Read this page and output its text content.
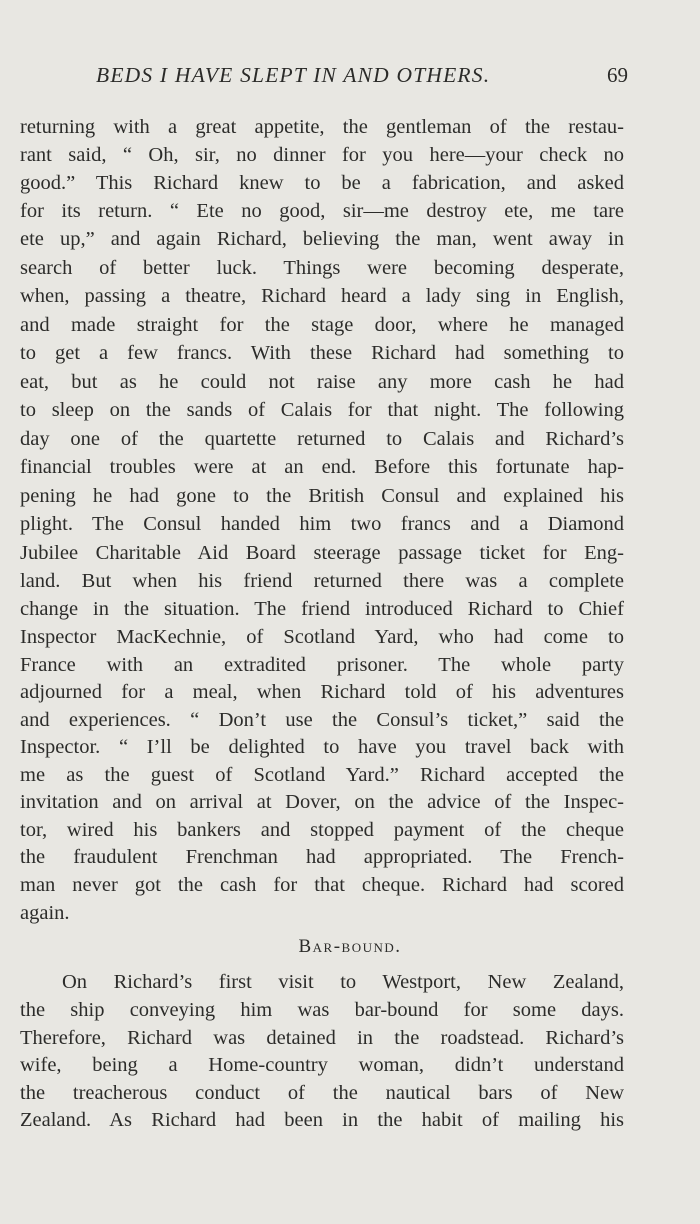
BEDS I HAVE SLEPT IN AND OTHERS.	69
returning with a great appetite, the gentleman of the restau-
rant said, “ Oh, sir, no dinner for you here—your check no
good.” This Richard knew to be a fabrication, and asked
for its return. “ Ete no good, sir—me destroy ete, me tare
ete up,” and again Richard, believing the man, went away in
search of better luck. Things were becoming desperate,
when, passing a theatre, Richard heard a lady sing in English,
and made straight for the stage door, where he managed
to get a few francs. With these Richard had something to
eat, but as he could not raise any more cash he had
to sleep on the sands of Calais for that night. The following
day one of the quartette returned to Calais and Richard’s
financial troubles were at an end. Before this fortunate hap-
pening he had gone to the British Consul and explained his
plight. The Consul handed him two francs and a Diamond
Jubilee Charitable Aid Board steerage passage ticket for Eng-
land. But when his friend returned there was a complete
change in the situation. The friend introduced Richard to Chief
Inspector MacKechnie, of Scotland Yard, who had come to
France with an extradited prisoner. The whole party
adjourned for a meal, when Richard told of his adventures
and experiences. “ Don’t use the Consul’s ticket,” said the
Inspector. “ I’ll be delighted to have you travel back with
me as the guest of Scotland Yard.” Richard accepted the
invitation and on arrival at Dover, on the advice of the Inspec-
tor, wired his bankers and stopped payment of the cheque
the fraudulent Frenchman had appropriated. The French-
man never got the cash for that cheque. Richard had scored
again.
Bar-bound.
On Richard’s first visit to Westport, New Zealand,
the ship conveying him was bar-bound for some days.
Therefore, Richard was detained in the roadstead. Richard’s
wife, being a Home-country woman, didn’t understand
the treacherous conduct of the nautical bars of New
Zealand. As Richard had been in the habit of mailing his
